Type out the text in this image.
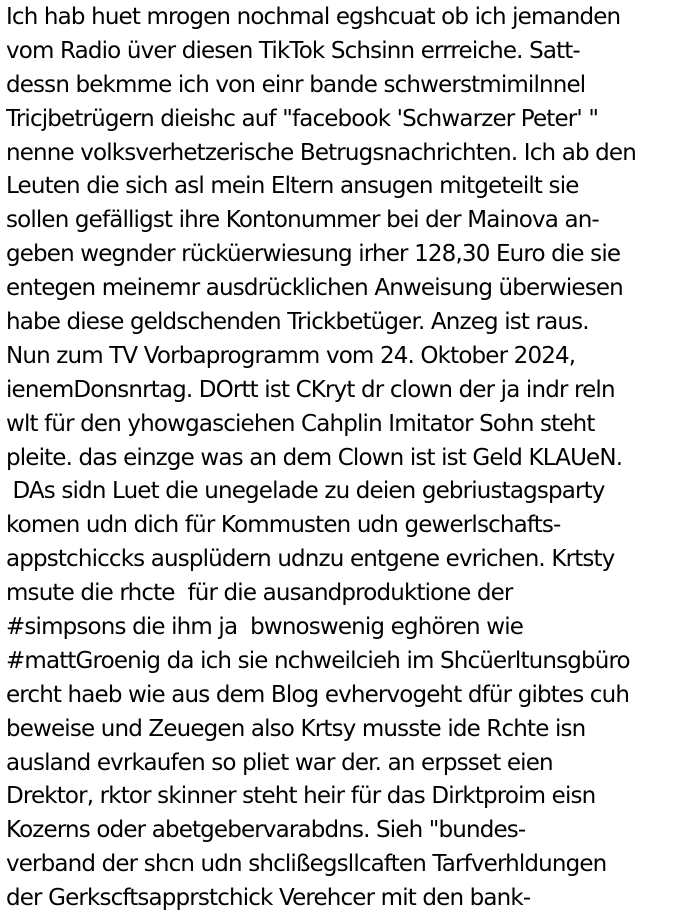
Ich hab huet mrogen nochmal egshcuat ob ich jemanden
vom Radio üver diesen TikTok Schsinn errreiche. Satt-
dessn bekmme ich von einr bande schwerstmimilnnel
Tricjbetrügern dieishc auf "facebook 'Schwarzer Peter' "
nenne volksverhetzerische Betrugsnachrichten. Ich ab den
Leuten die sich asl mein Eltern ansugen mitgeteilt sie
sollen gefälligst ihre Kontonummer bei der Mainova an-
geben wegnder rücküerwiesung irher 128,30 Euro die sie
entegen meinemr ausdrücklichen Anweisung überwiesen
habe diese geldschenden Trickbetüger. Anzeg ist raus.
Nun zum TV Vorbaprogramm vom 24. Oktober 2024,
ienemDonsnrtag. DOrtt ist CKryt dr clown der ja indr reln
wlt für den yhowgasciehen Cahplin Imitator Sohn steht
pleite. das einzge was an dem Clown ist ist Geld KLAUeN.
DAs sidn Luet die unegelade zu deien gebriustagsparty
komen udn dich für Kommusten udn gewerlschafts-
appstchiccks ausplüdern udnzu entgene evrichen. Krtsty
msute die rhcte  für die ausandproduktione der
#simpsons die ihm ja  bwnoswenig eghören wie
#mattGroenig da ich sie nchweilcieh im Shcüerltunsgbüro
ercht haeb wie aus dem Blog evhervogeht dfür gibtes cuh
beweise und Zeuegen also Krtsy musste ide Rchte isn
ausland evrkaufen so pliet war der. an erpsset eien
Drektor, rktor skinner steht heir für das Dirktproim eisn
Kozerns oder abetgebervarabdns. Sieh "bundes-
verband der shcn udn shclißegsllcaften Tarfverhldungen
der Gerkscftsapprstchick Verehcer mit den bank-
